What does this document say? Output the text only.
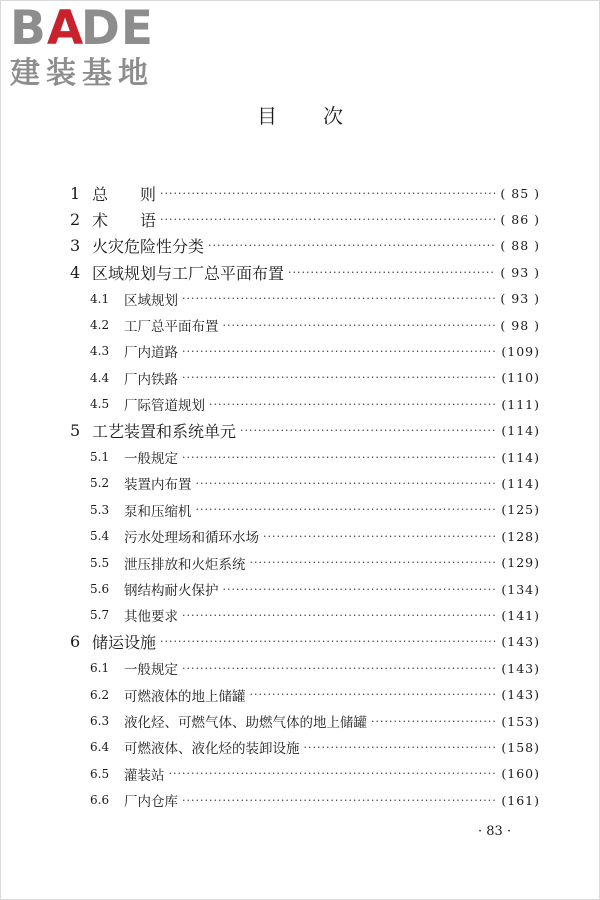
BADE
建装基地
目次
1 总　　则 ·····	( 85 )
2 术　　语 ·····	( 86 )
3 火灾危险性分类 ·····	( 88 )
4 区域规划与工厂总平面布置 ·····	( 93 )
4.1	区域规划 ·····	( 93 )
4.2	工厂总平面布置 ·····	( 98 )
4.3	厂内道路 ·····	(109)
4.4	厂内铁路 ·····	(110)
4.5	厂际管道规划 ·····	(111)
5 工艺装置和系统单元 ·····	(114)
5.1	一般规定 ·····	(114)
5.2	装置内布置 ·····	(114)
5.3	泵和压缩机 ·····	(125)
5.4	污水处理场和循环水场 ·····	(128)
5.5	泄压排放和火炬系统 ·····	(129)
5.6	钢结构耐火保护 ·····	(134)
5.7	其他要求 ·····	(141)
6 储运设施 ·····	(143)
6.1	一般规定 ·····	(143)
6.2	可燃液体的地上储罐 ·····	(143)
6.3	液化烃、可燃气体、助燃气体的地上储罐 ·····	(153)
6.4	可燃液体、液化烃的装卸设施 ·····	(158)
6.5	灌装站 ·····	(160)
6.6	厂内仓库 ·····	(161)
· 83 ·
